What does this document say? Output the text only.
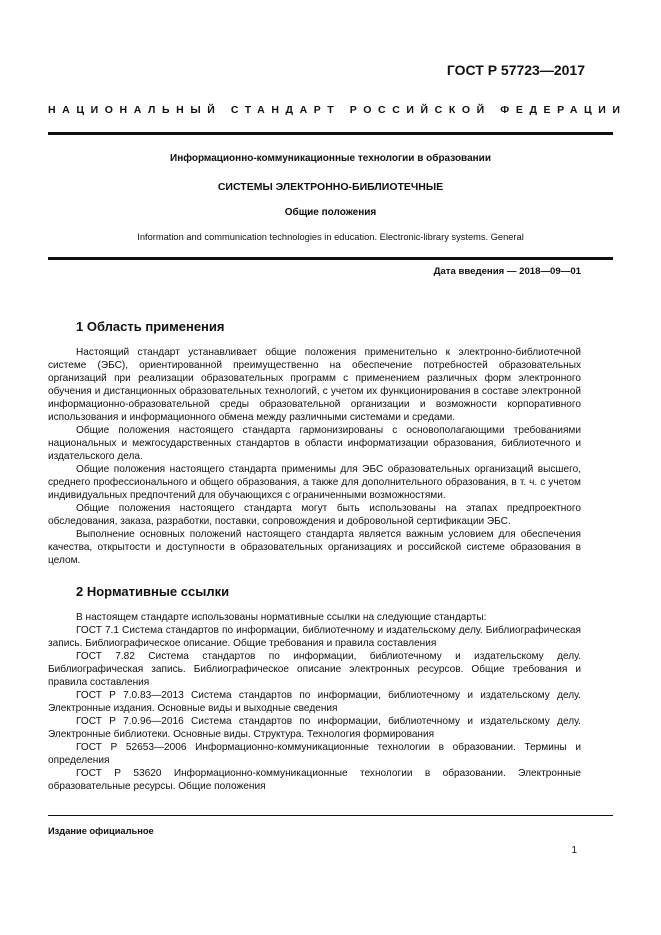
ГОСТ Р 57723—2017
НАЦИОНАЛЬНЫЙ СТАНДАРТ РОССИЙСКОЙ ФЕДЕРАЦИИ
Информационно-коммуникационные технологии в образовании
СИСТЕМЫ ЭЛЕКТРОННО-БИБЛИОТЕЧНЫЕ
Общие положения
Information and communication technologies in education. Electronic-library systems. General
Дата введения — 2018—09—01
1 Область применения

Настоящий стандарт устанавливает общие положения применительно к электронно-библиотечной системе (ЭБС), ориентированной преимущественно на обеспечение потребностей образовательных организаций при реализации образовательных программ с применением различных форм электронного обучения и дистанционных образовательных технологий, с учетом их функционирования в составе электронной информационно-образовательной среды образовательной организации и возможности корпоративного использования и информационного обмена между различными системами и средами.

Общие положения настоящего стандарта гармонизированы с основополагающими требованиями национальных и межгосударственных стандартов в области информатизации образования, библиотечного и издательского дела.

Общие положения настоящего стандарта применимы для ЭБС образовательных организаций высшего, среднего профессионального и общего образования, а также для дополнительного образования, в т. ч. с учетом индивидуальных предпочтений для обучающихся с ограниченными возможностями.

Общие положения настоящего стандарта могут быть использованы на этапах предпроектного обследования, заказа, разработки, поставки, сопровождения и добровольной сертификации ЭБС.

Выполнение основных положений настоящего стандарта является важным условием для обеспечения качества, открытости и доступности в образовательных организациях и российской системе образования в целом.

2 Нормативные ссылки

В настоящем стандарте использованы нормативные ссылки на следующие стандарты:

ГОСТ 7.1 Система стандартов по информации, библиотечному и издательскому делу. Библиографическая запись. Библиографическое описание. Общие требования и правила составления

ГОСТ 7.82 Система стандартов по информации, библиотечному и издательскому делу. Библиографическая запись. Библиографическое описание электронных ресурсов. Общие требования и правила составления

ГОСТ Р 7.0.83—2013 Система стандартов по информации, библиотечному и издательскому делу. Электронные издания. Основные виды и выходные сведения

ГОСТ Р 7.0.96—2016 Система стандартов по информации, библиотечному и издательскому делу. Электронные библиотеки. Основные виды. Структура. Технология формирования

ГОСТ Р 52653—2006 Информационно-коммуникационные технологии в образовании. Термины и определения

ГОСТ Р 53620 Информационно-коммуникационные технологии в образовании. Электронные образовательные ресурсы. Общие положения

Издание официальное
1
